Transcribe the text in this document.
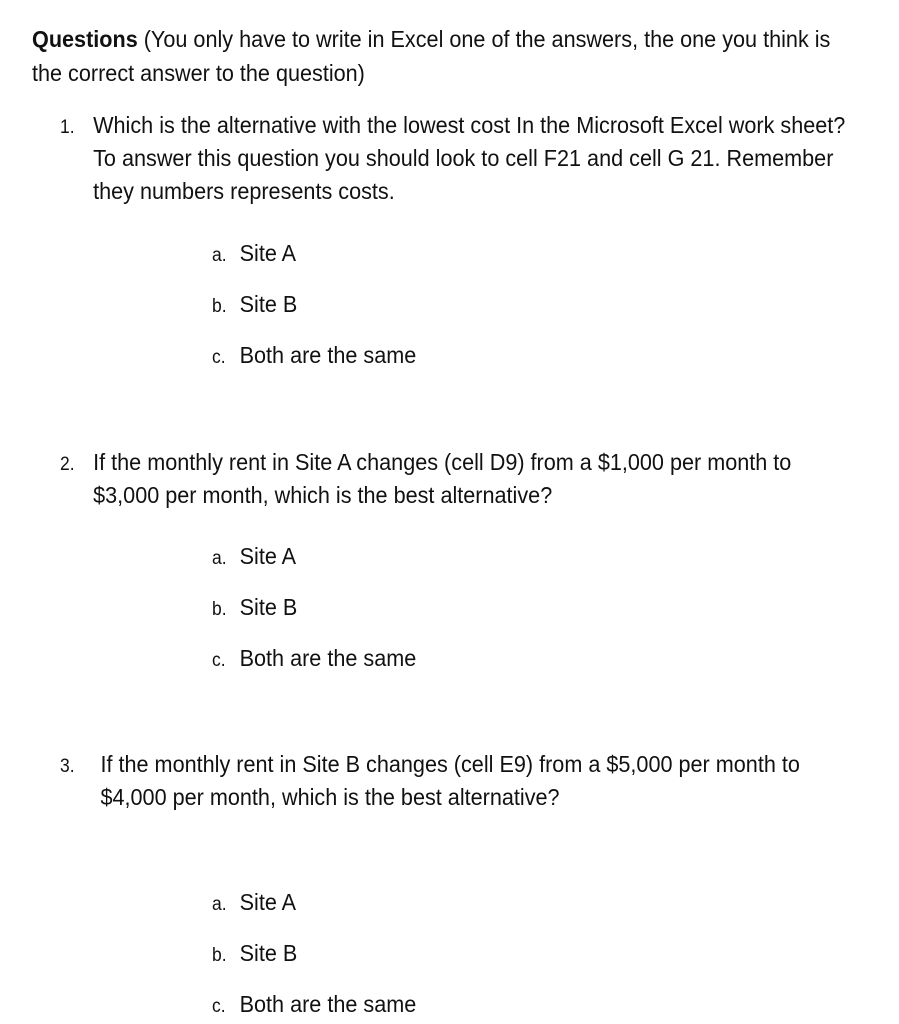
Questions (You only have to write in Excel one of the answers, the one you think is the correct answer to the question)
1. Which is the alternative with the lowest cost In the Microsoft Excel work sheet? To answer this question you should look to cell F21 and cell G 21. Remember they numbers represents costs.
a. Site A
b. Site B
c. Both are the same
2. If the monthly rent in Site A changes (cell D9) from a $1,000 per month to $3,000 per month, which is the best alternative?
a. Site A
b. Site B
c. Both are the same
3. If the monthly rent in Site B changes (cell E9) from a $5,000 per month to $4,000 per month, which is the best alternative?
a. Site A
b. Site B
c. Both are the same
